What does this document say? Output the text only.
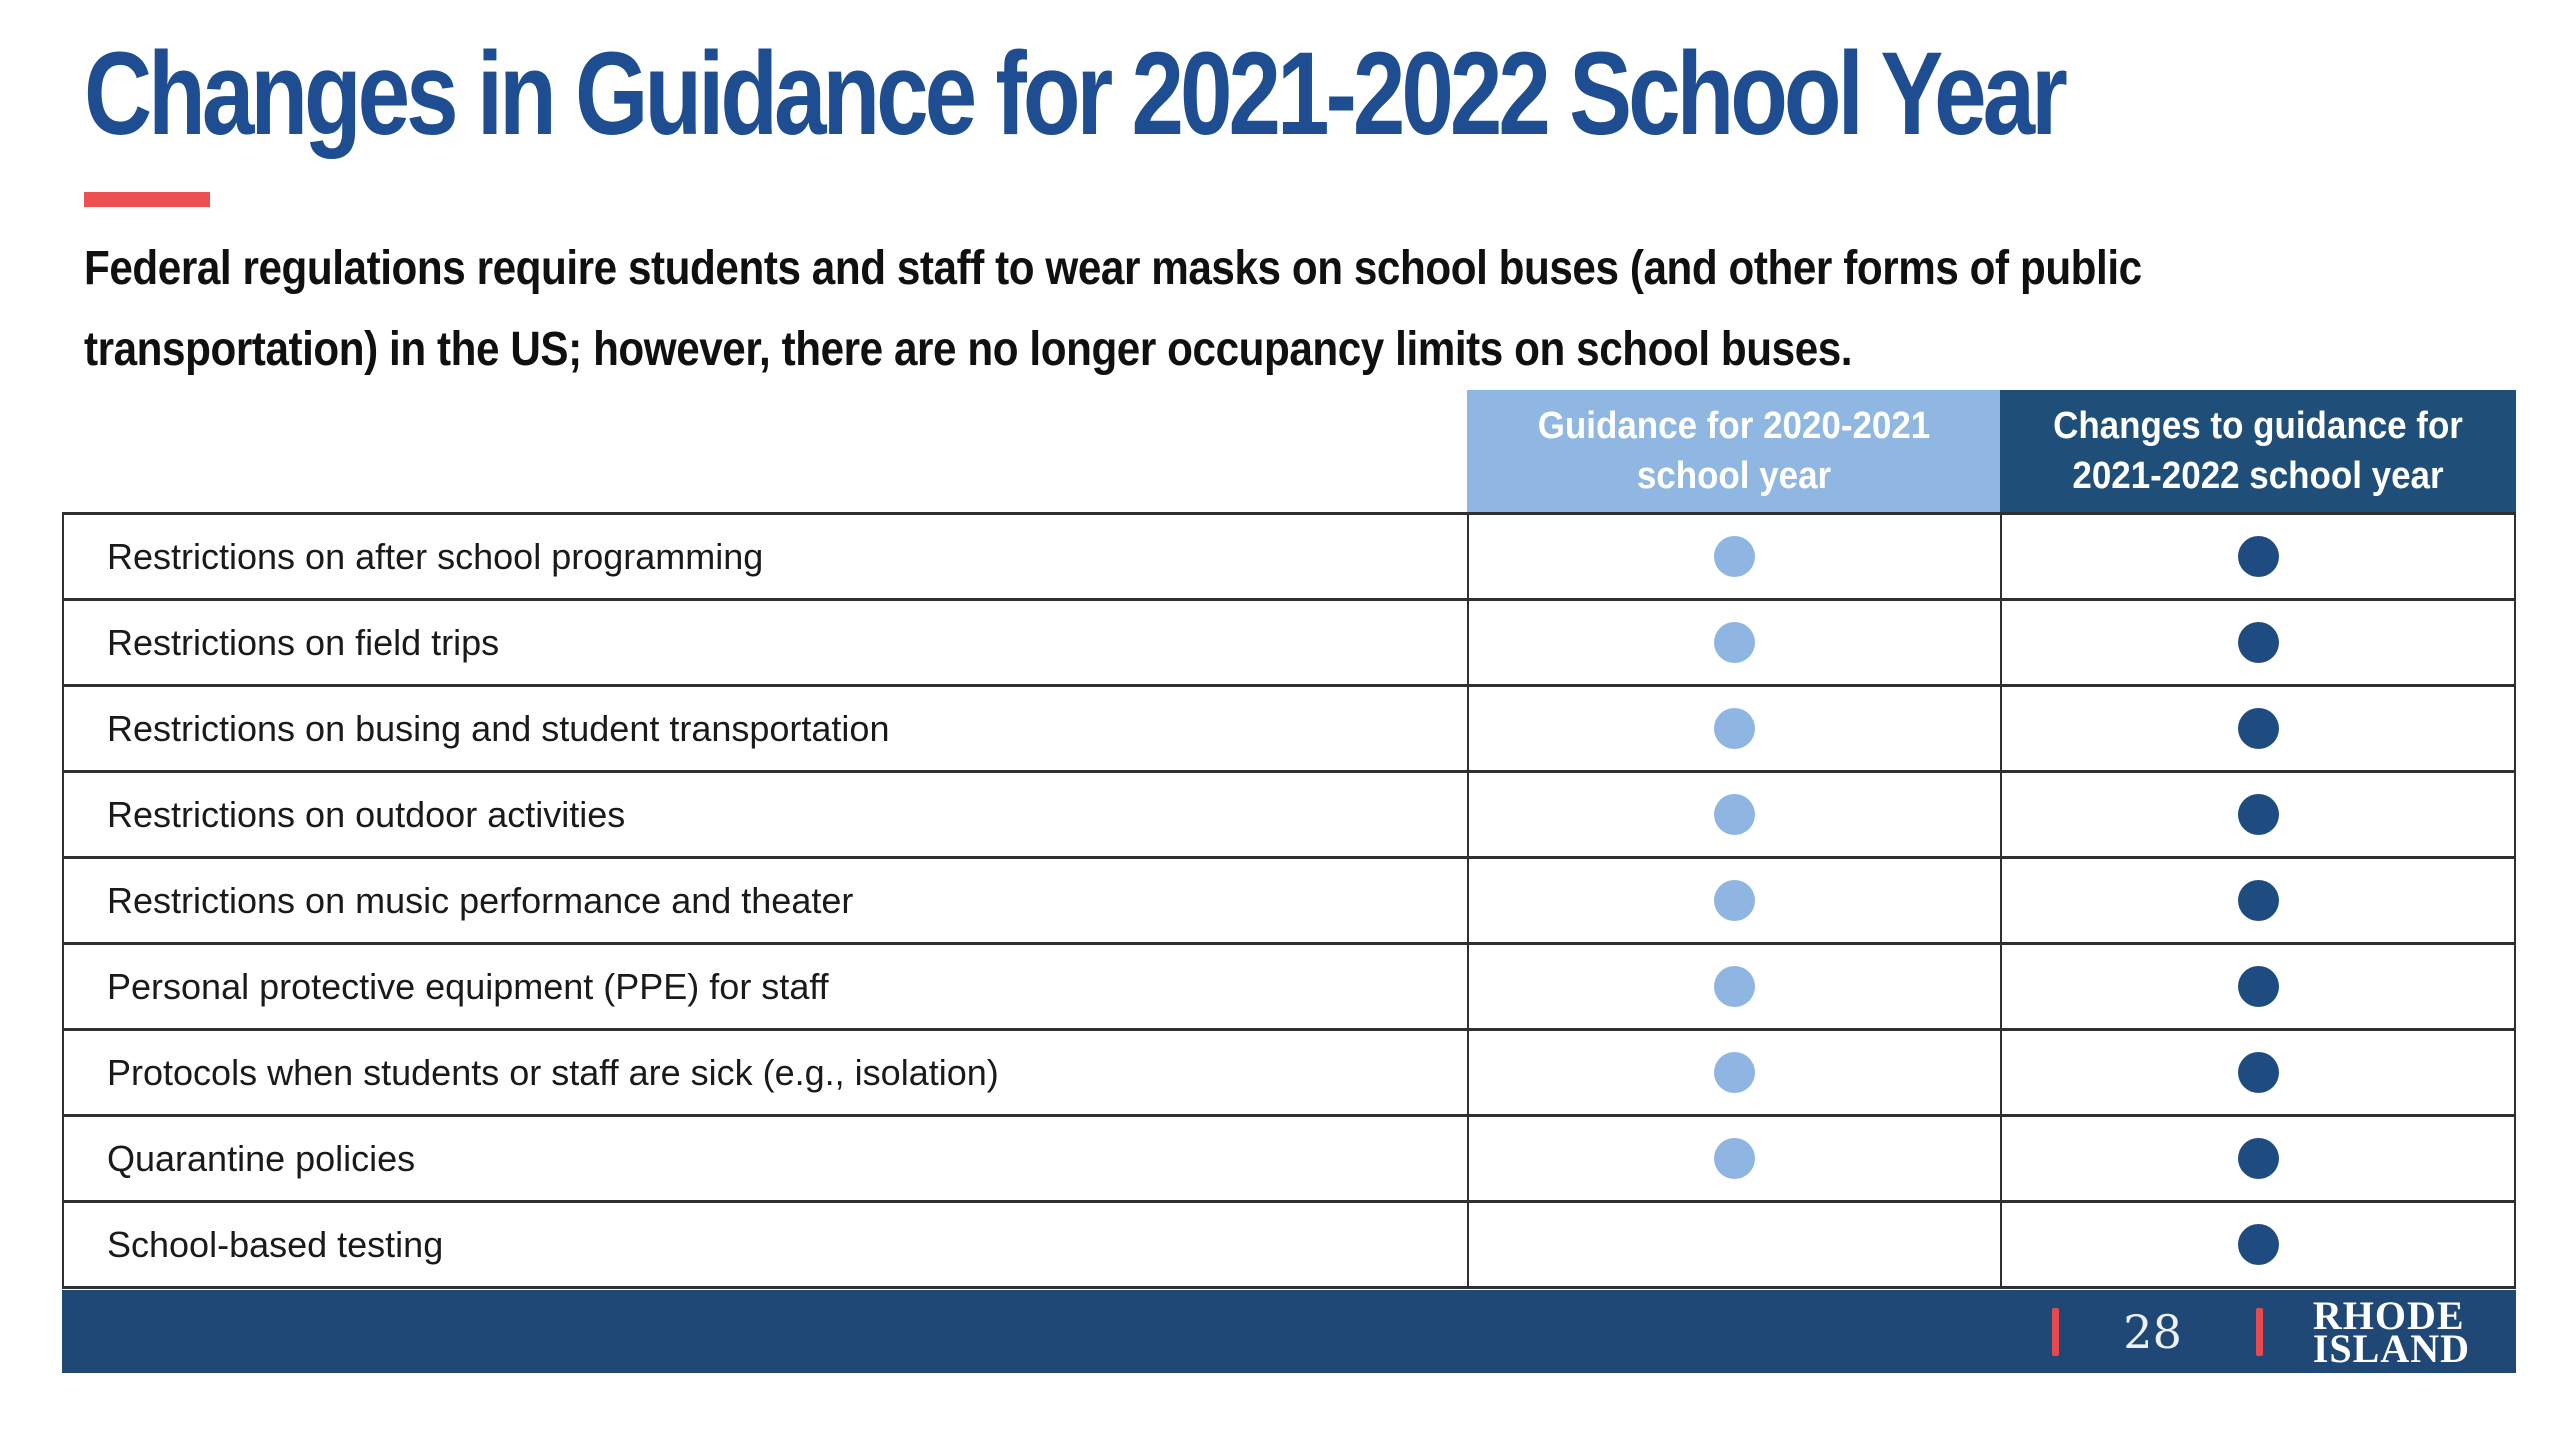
Changes in Guidance for 2021-2022 School Year
Federal regulations require students and staff to wear masks on school buses (and other forms of public
transportation) in the US; however, there are no longer occupancy limits on school buses.
Guidance for 2020-2021 school year
Changes to guidance for 2021-2022 school year
Restrictions on after school programming
Restrictions on field trips
Restrictions on busing and student transportation
Restrictions on outdoor activities
Restrictions on music performance and theater
Personal protective equipment (PPE) for staff
Protocols when students or staff are sick (e.g., isolation)
Quarantine policies
School-based testing
28	RHODE
ISLAND
